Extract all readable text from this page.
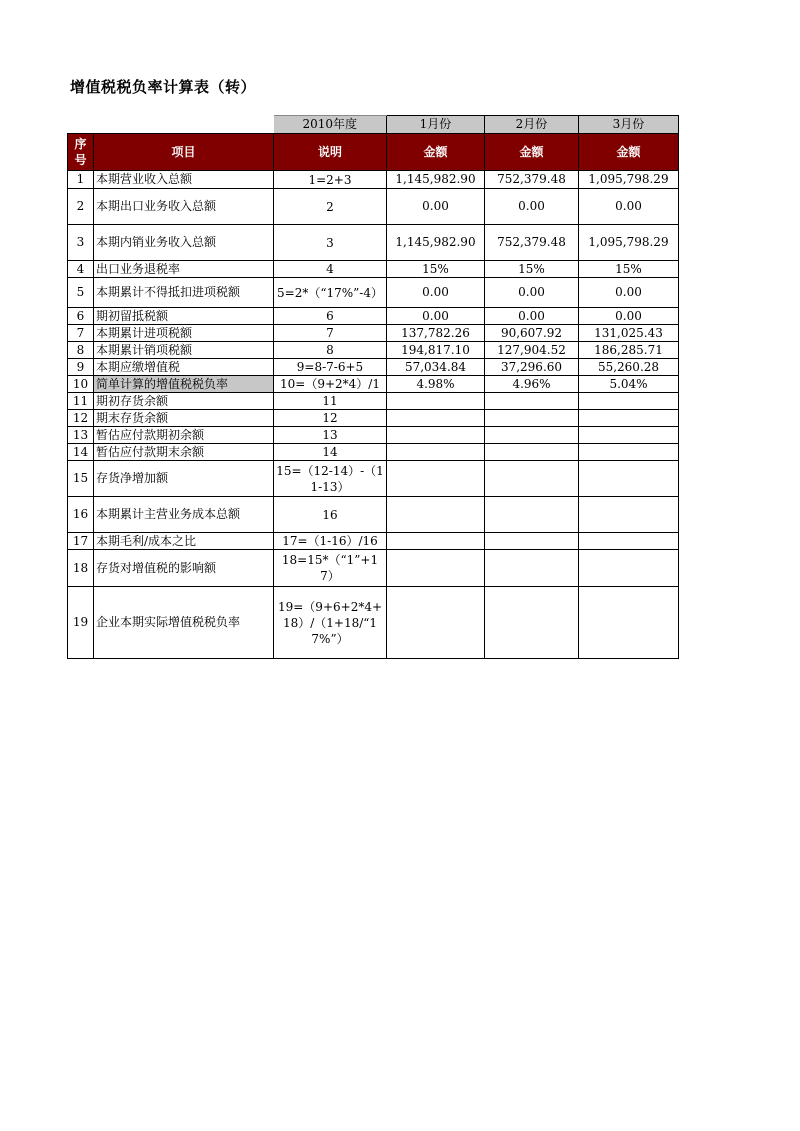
增值税税负率计算表（转）
		2010年度	1月份	2月份	3月份
序号	项目	说明	金额	金额	金额
1	本期营业收入总额	1=2+3	1,145,982.90	752,379.48	1,095,798.29
2	本期出口业务收入总额	2	0.00	0.00	0.00
3	本期内销业务收入总额	3	1,145,982.90	752,379.48	1,095,798.29
4	出口业务退税率	4	15%	15%	15%
5	本期累计不得抵扣进项税额	5=2*（“17%”-4）	0.00	0.00	0.00
6	期初留抵税额	6	0.00	0.00	0.00
7	本期累计进项税额	7	137,782.26	90,607.92	131,025.43
8	本期累计销项税额	8	194,817.10	127,904.52	186,285.71
9	本期应缴增值税	9=8-7-6+5	57,034.84	37,296.60	55,260.28
10	简单计算的增值税税负率	10=（9+2*4）/1	4.98%	4.96%	5.04%
11	期初存货余额	11			
12	期末存货余额	12			
13	暂估应付款期初余额	13			
14	暂估应付款期末余额	14			
15	存货净增加额	15=（12-14）-（11-13）			
16	本期累计主营业务成本总额	16			
17	本期毛利/成本之比	17=（1-16）/16			
18	存货对增值税的影响额	18=15*（“1”+17）			
19	企业本期实际增值税税负率	19=（9+6+2*4+18）/（1+18/“17%”）			
